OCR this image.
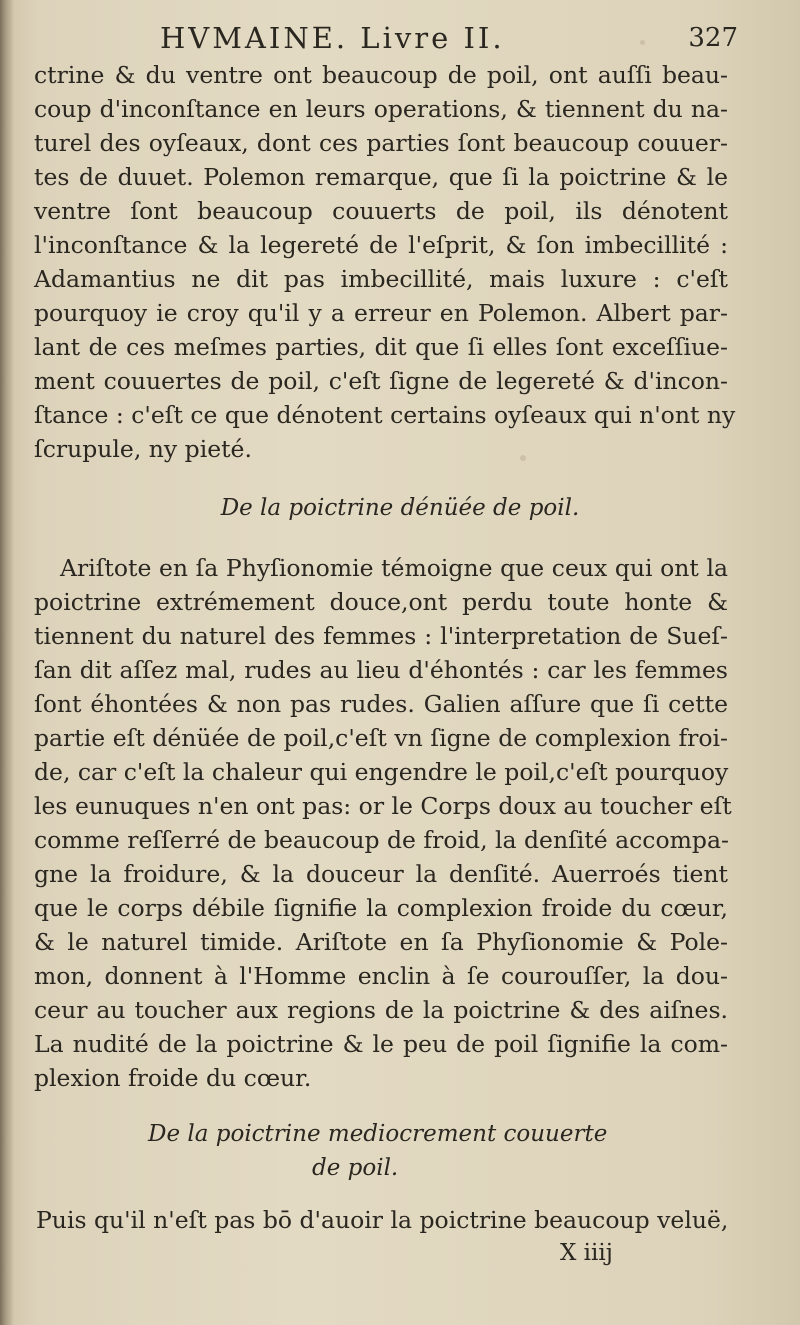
HVMAINE. Livre II.	327
ctrine & du ventre ont beaucoup de poil, ont auſſi beau-
coup d'inconſtance en leurs operations, & tiennent du na-
turel des oyſeaux, dont ces parties ſont beaucoup couuer-
tes de duuet. Polemon remarque, que ſi la poictrine & le
ventre ſont beaucoup couuerts de poil, ils dénotent
l'inconſtance & la legereté de l'eſprit, & ſon imbecillité :
Adamantius ne dit pas imbecillité, mais luxure : c'eſt
pourquoy ie croy qu'il y a erreur en Polemon. Albert par-
lant de ces meſmes parties, dit que ſi elles ſont exceſſiue-
ment couuertes de poil, c'eſt ſigne de legereté & d'incon-
ſtance : c'eſt ce que dénotent certains oyſeaux qui n'ont ny
ſcrupule, ny pieté.
De la poictrine dénüée de poil.
Ariſtote en ſa Phyſionomie témoigne que ceux qui ont la
poictrine extrémement douce,ont perdu toute honte &
tiennent du naturel des femmes : l'interpretation de Sueſ-
ſan dit aſſez mal, rudes au lieu d'éhontés : car les femmes
ſont éhontées & non pas rudes. Galien aſſure que ſi cette
partie eſt dénüée de poil,c'eſt vn ſigne de complexion froi-
de, car c'eſt la chaleur qui engendre le poil,c'eſt pourquoy
les eunuques n'en ont pas: or le Corps doux au toucher eſt
comme reſſerré de beaucoup de froid, la denſité accompa-
gne la froidure, & la douceur la denſité. Auerroés tient
que le corps débile ſignifie la complexion froide du cœur,
& le naturel timide. Ariſtote en ſa Phyſionomie & Pole-
mon, donnent à l'Homme enclin à ſe courouſſer, la dou-
ceur au toucher aux regions de la poictrine & des aiſnes.
La nudité de la poictrine & le peu de poil ſignifie la com-
plexion froide du cœur.
De la poictrine mediocrement couuerte
de poil.
Puis qu'il n'eſt pas bō d'auoir la poictrine beaucoup veluë,
X iiij
